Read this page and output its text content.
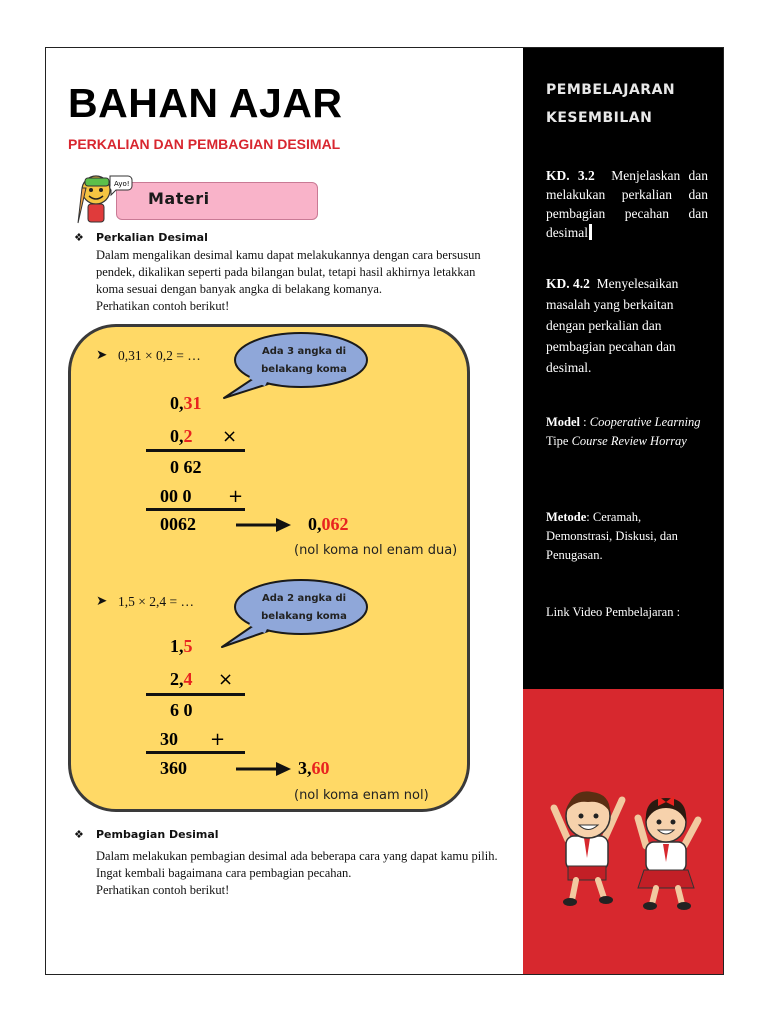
BAHAN AJAR
PERKALIAN DAN PEMBAGIAN DESIMAL
Ayo!
Materi
❖ Perkalian Desimal
Dalam mengalikan desimal kamu dapat melakukannya dengan cara bersusun pendek, dikalikan seperti pada bilangan bulat, tetapi hasil akhirnya letakkan koma sesuai dengan banyak angka di belakang komanya.
Perhatikan contoh berikut!
➤ 0,31 × 0,2 = …	Ada 3 angka di belakang koma
0,31
0,2 ×
0 62
00 0 +
0062	0,062
(nol koma nol enam dua)
➤ 1,5 × 2,4 = …	Ada 2 angka di belakang koma
1,5
2,4 ×
6 0
30 +
360	3,60
(nol koma enam nol)
❖ Pembagian Desimal
Dalam melakukan pembagian desimal ada beberapa cara yang dapat kamu pilih.
Ingat kembali bagaimana cara pembagian pecahan.
Perhatikan contoh berikut!
PEMBELAJARAN KESEMBILAN
KD. 3.2 Menjelaskan dan melakukan perkalian dan pembagian pecahan dan desimal
KD. 4.2 Menyelesaikan masalah yang berkaitan dengan perkalian dan pembagian pecahan dan desimal.
Model : Cooperative Learning Tipe Course Review Horray
Metode: Ceramah, Demonstrasi, Diskusi, dan Penugasan.
Link Video Pembelajaran :
